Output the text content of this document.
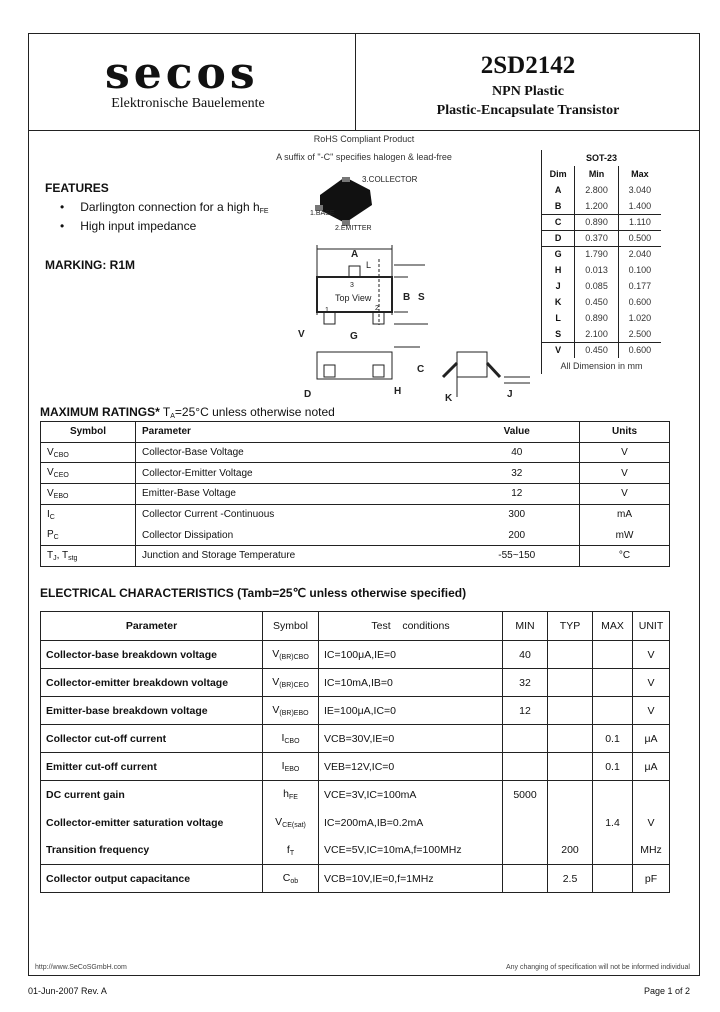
secos
Elektronische Bauelemente
2SD2142
NPN Plastic
Plastic-Encapsulate Transistor
RoHS Compliant Product
A suffix of "-C" specifies halogen & lead-free
FEATURES
• Darlington connection for a high $h_{FE}$
• High input impedance
MARKING: R1M
3.COLLECTOR
1.BASE
2.EMITTER
A
L
3
Top View
1	2
B S
V	G
C
D	H
K	J
SOT-23		
Dim	Min	Max
A	2.800	3.040
B	1.200	1.400
C	0.890	1.110
D	0.370	0.500
G	1.790	2.040
H	0.013	0.100
J	0.085	0.177
K	0.450	0.600
L	0.890	1.020
S	2.100	2.500
V	0.450	0.600
All Dimension in mm		
MAXIMUM RATINGS* $T_A=25^\circ C$ unless otherwise noted
Symbol	Parameter	Value	Units
$V_{CBO}$	Collector-Base Voltage	40	V
$V_{CEO}$	Collector-Emitter Voltage	32	V
$V_{EBO}$	Emitter-Base Voltage	12	V
$I_C$	Collector Current -Continuous	300	mA
$P_C$	Collector Dissipation	200	mW
$T_J$, $T_{stg}$	Junction and Storage Temperature	-55~150	°C
ELECTRICAL CHARACTERISTICS (Tamb=25℃ unless otherwise specified)
Parameter	Symbol	Test    conditions	MIN	TYP	MAX	UNIT
Collector-base breakdown voltage	$V_{(BR)CBO}$	IC=100μA,IE=0	40			V
Collector-emitter breakdown voltage	$V_{(BR)CEO}$	IC=10mA,IB=0	32			V
Emitter-base breakdown voltage	$V_{(BR)EBO}$	IE=100μA,IC=0	12			V
Collector cut-off current	$I_{CBO}$	VCB=30V,IE=0			0.1	μA
Emitter cut-off current	$I_{EBO}$	VEB=12V,IC=0			0.1	μA
DC current gain	$h_{FE}$	VCE=3V,IC=100mA	5000			
Collector-emitter saturation voltage	$V_{CE(sat)}$	IC=200mA,IB=0.2mA			1.4	V
Transition frequency	$f_T$	VCE=5V,IC=10mA,f=100MHz		200		MHz
Collector output capacitance	$C_{ob}$	VCB=10V,IE=0,f=1MHz		2.5		pF
http://www.SeCoSGmbH.com	Any changing of specification will not be informed individual
01-Jun-2007 Rev. A	Page 1 of 2
